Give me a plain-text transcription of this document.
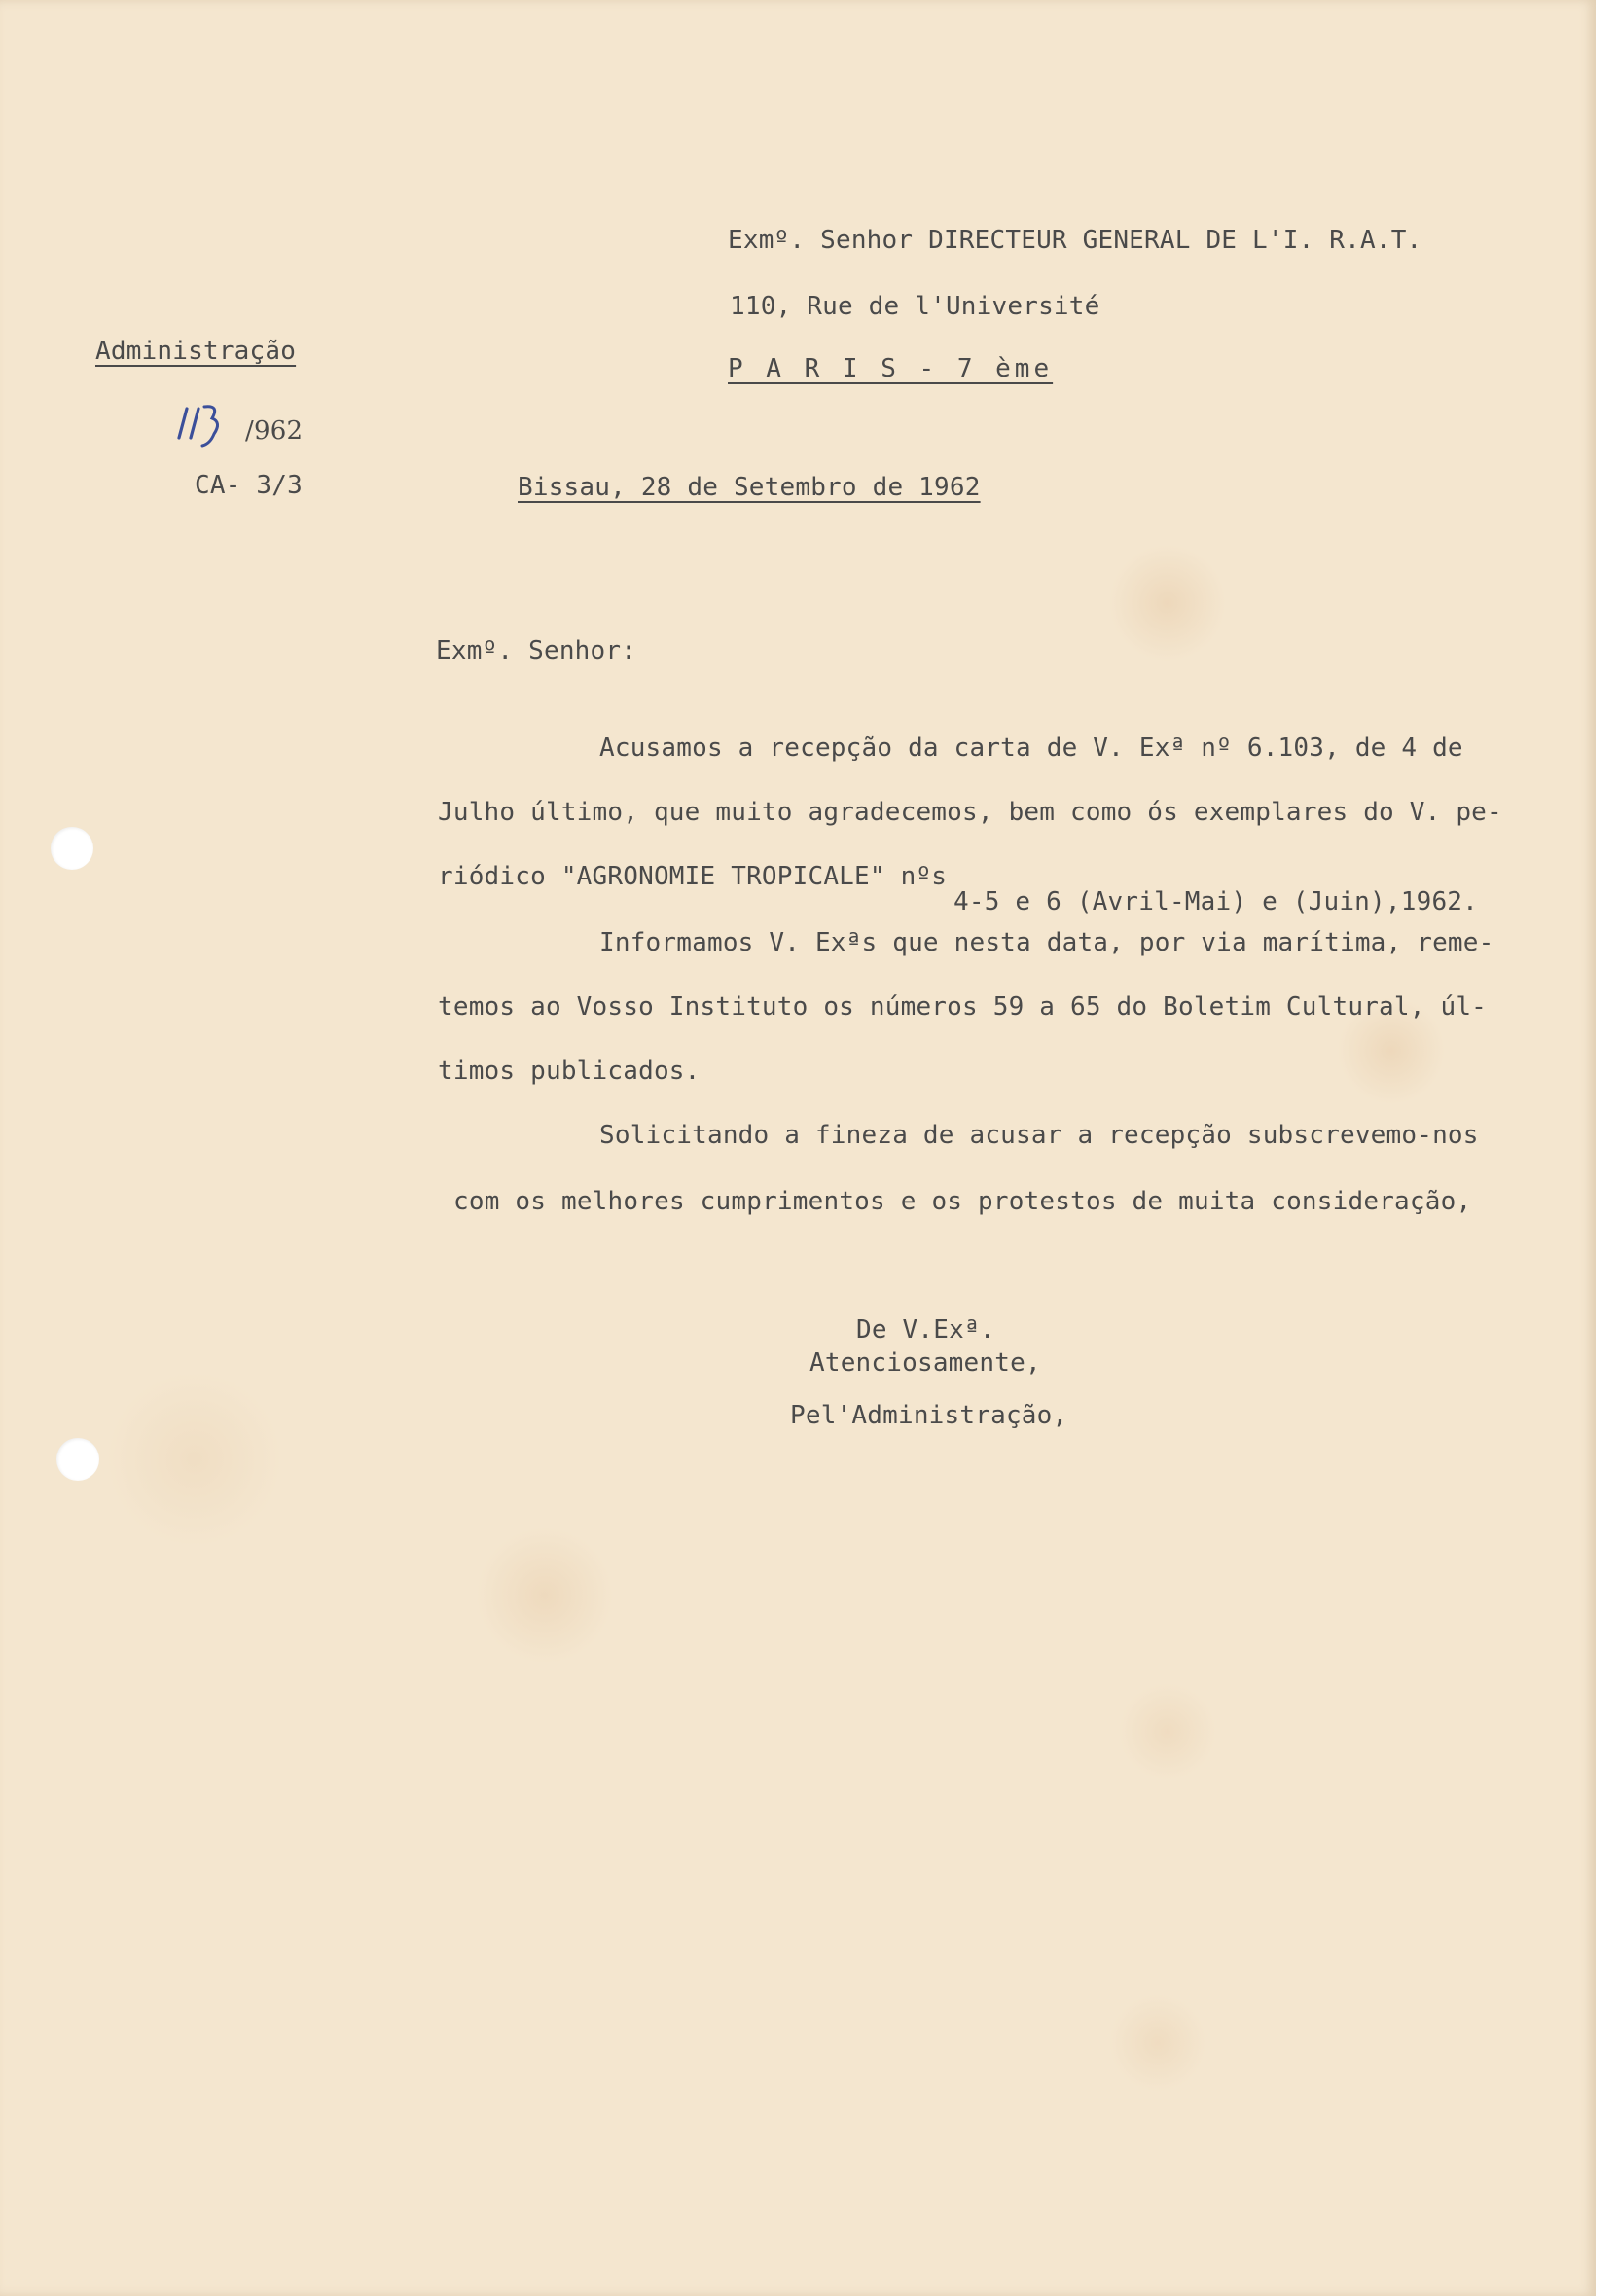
Exmº. Senhor DIRECTEUR GENERAL DE L'I. R.A.T.
110, Rue de l'Université
P A R I S - 7 ème
Administração
/962
CA- 3/3	Bissau, 28 de Setembro de 1962
Exmº. Senhor:
Acusamos a recepção da carta de V. Exª nº 6.103, de 4 de
Julho último, que muito agradecemos, bem como ós exemplares do V. pe-
riódico "AGRONOMIE TROPICALE" nºs
4-5 e 6 (Avril-Mai) e (Juin),1962.
Informamos V. Exªs que nesta data, por via marítima, reme-
temos ao Vosso Instituto os números 59 a 65 do Boletim Cultural, úl-
timos publicados.
Solicitando a fineza de acusar a recepção subscrevemo-nos
com os melhores cumprimentos e os protestos de muita consideração,
De V.Exª.
Atenciosamente,
Pel'Administração,
